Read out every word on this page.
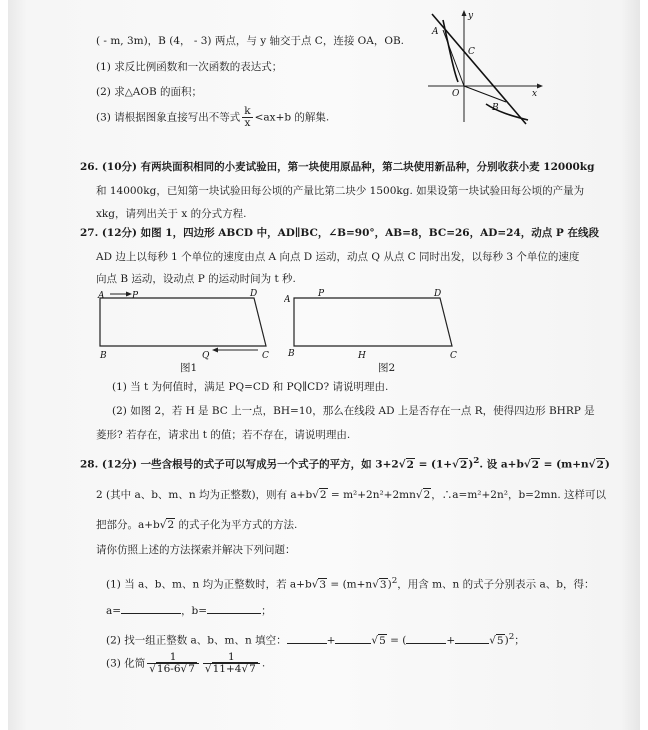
y
x
A
C
O
B
( - m, 3m)，B (4， - 3) 两点，与 y 轴交于点 C，连接 OA，OB.
(1) 求反比例函数和一次函数的表达式；
(2) 求△AOB 的面积；
(3) 请根据图象直接写出不等式 $\frac{k}{x} <ax+b$ 的解集.
26. (10分) 有两块面积相同的小麦试验田，第一块使用原品种，第二块使用新品种，分别收获小麦 12000kg
和 14000kg，已知第一块试验田每公顷的产量比第二块少 1500kg. 如果设第一块试验田每公顷的产量为
xkg，请列出关于 x 的分式方程.
27. (12分) 如图 1，四边形 ABCD 中，AD∥BC，∠B=90°，AB=8，BC=26，AD=24，动点 P 在线段
AD 边上以每秒 1 个单位的速度由点 A 向点 D 运动，动点 Q 从点 C 同时出发，以每秒 3 个单位的速度
向点 B 运动，设动点 P 的运动时间为 t 秒.
A	P	D
B	Q	C
图1
A
P	D
B	H	C
图2
(1) 当 t 为何值时，满足 PQ=CD 和 PQ∥CD? 请说明理由.
(2) 如图 2，若 H 是 BC 上一点，BH=10，那么在线段 AD 上是否存在一点 R，使得四边形 BHRP 是
菱形? 若存在，请求出 t 的值；若不存在，请说明理由.
28. (12分) 一些含根号的式子可以写成另一个式子的平方，如 $3+2√2 = (1+√2)^2$. 设 a+b√2 = (m+n√2)
2 (其中 a、b、m、n 均为正整数)，则有 a+b√2 = m²+2n²+2mn√2，∴a=m²+2n²，b=2mn. 这样可以
把部分。a+b√2 的式子化为平方式的方法.
请你仿照上述的方法探索并解决下列问题：
(1) 当 a、b、m、n 均为正整数时，若 $a+b√3 = (m+n√3)^2$，用含 m、n 的式子分别表示 a、b，得：
a=	，b=	；
(2) 找一组正整数 a、b、m、n 填空：	+	√5 = (	+	√5)$^2$；
(3) 化简 $\frac{1}{√16-6√7} \frac{1}{√11+4√7}$ .
